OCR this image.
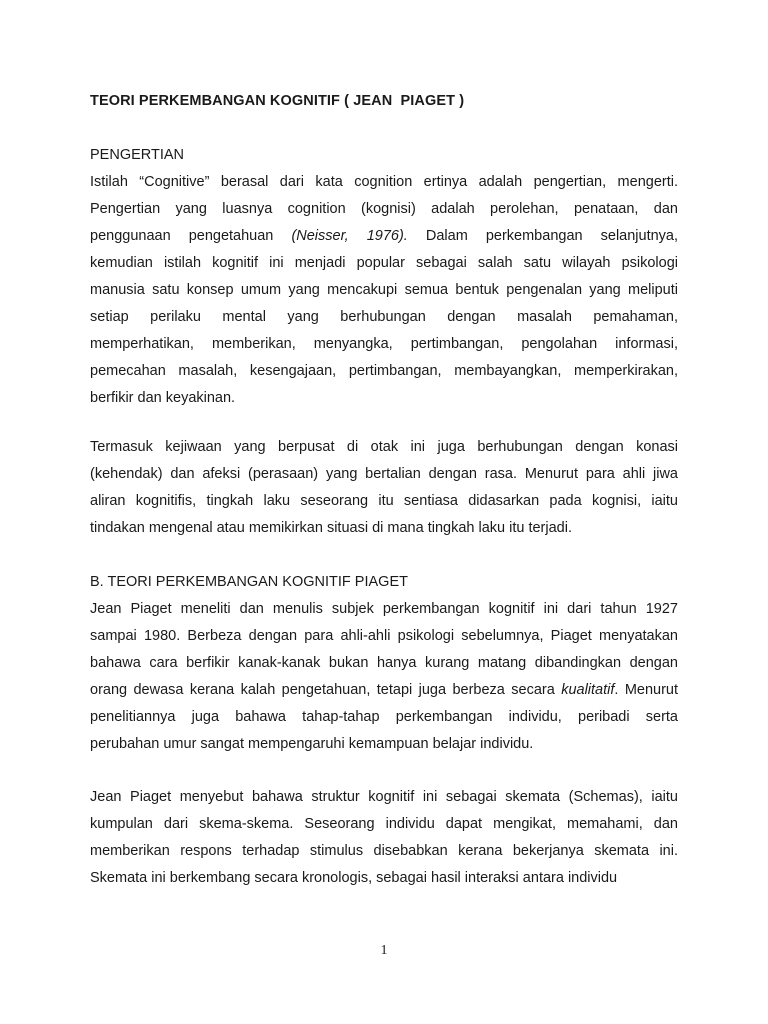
TEORI PERKEMBANGAN KOGNITIF ( JEAN  PIAGET )
PENGERTIAN
Istilah “Cognitive” berasal dari kata cognition ertinya adalah pengertian, mengerti.
Pengertian yang luasnya cognition (kognisi) adalah perolehan, penataan, dan
penggunaan pengetahuan (Neisser, 1976). Dalam perkembangan selanjutnya,
kemudian istilah kognitif ini menjadi popular sebagai salah satu wilayah psikologi
manusia satu konsep umum yang mencakupi semua bentuk pengenalan yang meliputi
setiap perilaku mental yang berhubungan dengan masalah pemahaman,
memperhatikan, memberikan, menyangka, pertimbangan, pengolahan informasi,
pemecahan masalah, kesengajaan, pertimbangan, membayangkan, memperkirakan,
berfikir dan keyakinan.
Termasuk kejiwaan yang berpusat di otak ini juga berhubungan dengan konasi
(kehendak) dan afeksi (perasaan) yang bertalian dengan rasa. Menurut para ahli jiwa
aliran kognitifis, tingkah laku seseorang itu sentiasa didasarkan pada kognisi, iaitu
tindakan mengenal atau memikirkan situasi di mana tingkah laku itu terjadi.
B. TEORI PERKEMBANGAN KOGNITIF PIAGET
Jean Piaget meneliti dan menulis subjek perkembangan kognitif ini dari tahun 1927
sampai 1980. Berbeza dengan para ahli-ahli psikologi sebelumnya, Piaget menyatakan
bahawa cara berfikir kanak-kanak bukan hanya kurang matang dibandingkan dengan
orang dewasa kerana kalah pengetahuan, tetapi juga berbeza secara kualitatif. Menurut
penelitiannya juga bahawa tahap-tahap perkembangan individu, peribadi serta
perubahan umur sangat mempengaruhi kemampuan belajar individu.
Jean Piaget menyebut bahawa struktur kognitif ini sebagai skemata (Schemas), iaitu
kumpulan dari skema-skema. Seseorang individu dapat mengikat, memahami, dan
memberikan respons terhadap stimulus disebabkan kerana bekerjanya skemata ini.
Skemata ini berkembang secara kronologis, sebagai hasil interaksi antara individu
1
